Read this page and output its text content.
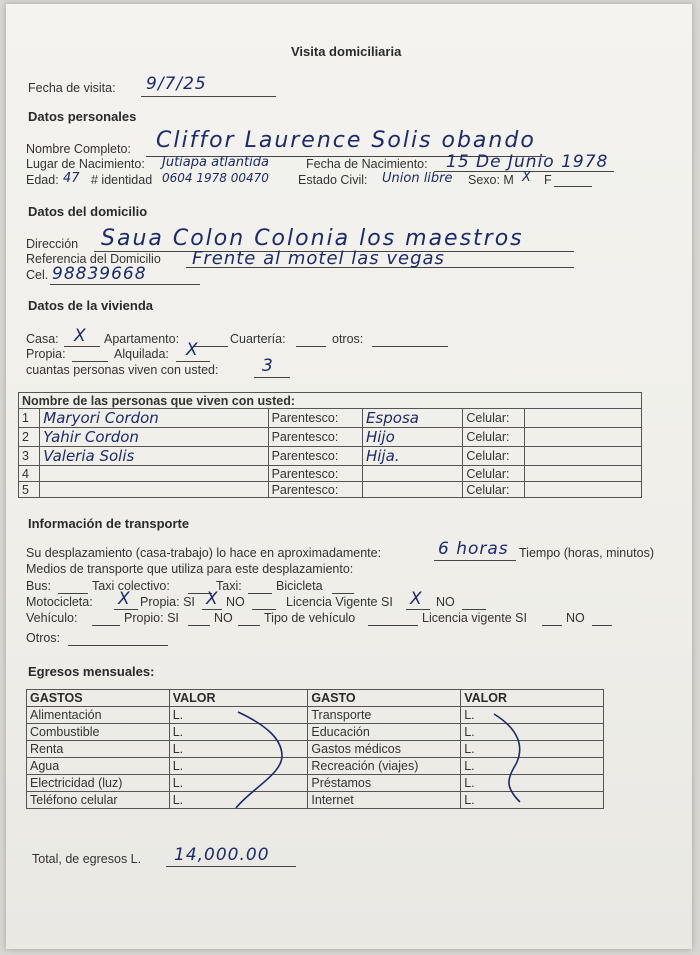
Visita domiciliaria
Fecha de visita: 9/7/25
Datos personales
Nombre Completo: Cliffor Laurence Solis obando
Lugar de Nacimiento: Jutiapa atlantida	Fecha de Nacimiento: 15 De Junio 1978
Edad: 47 # identidad 0604 1978 00470 Estado Civil: Union libre Sexo: M X F
Datos del domicilio
Dirección Saua Colon Colonia los maestros
Referencia del Domicilio Frente al motel las vegas
Cel. 98839668
Datos de la vivienda
Casa: X Apartamento:	Cuartería:	otros:
Propia:	Alquilada: X
cuantas personas viven con usted:	3
Nombre de las personas que viven con usted:					
1	Maryori Cordon	Parentesco:	Esposa	Celular:	
2	Yahir Cordon	Parentesco:	Hijo	Celular:	
3	Valeria Solis	Parentesco:	Hija.	Celular:	
4		Parentesco:		Celular:	
5		Parentesco:		Celular:	
Información de transporte
Su desplazamiento (casa-trabajo) lo hace en aproximadamente:	6 horas Tiempo (horas, minutos)
Medios de transporte que utiliza para este desplazamiento:
Bus:	Taxi colectivo:	Taxi:	Bicicleta
Motocicleta: X Propia: SI X NO	Licencia Vigente SI X NO
Vehículo:	Propio: SI	NO	Tipo de vehículo	Licencia vigente SI	NO
Otros:
Egresos mensuales:
GASTOS	VALOR	GASTO	VALOR
Alimentación	L.	Transporte	L.
Combustible	L.	Educación	L.
Renta	L.	Gastos médicos	L.
Agua	L.	Recreación (viajes)	L.
Electricidad (luz)	L.	Préstamos	L.
Teléfono celular	L.	Internet	L.
Total, de egresos L. 14,000.00
